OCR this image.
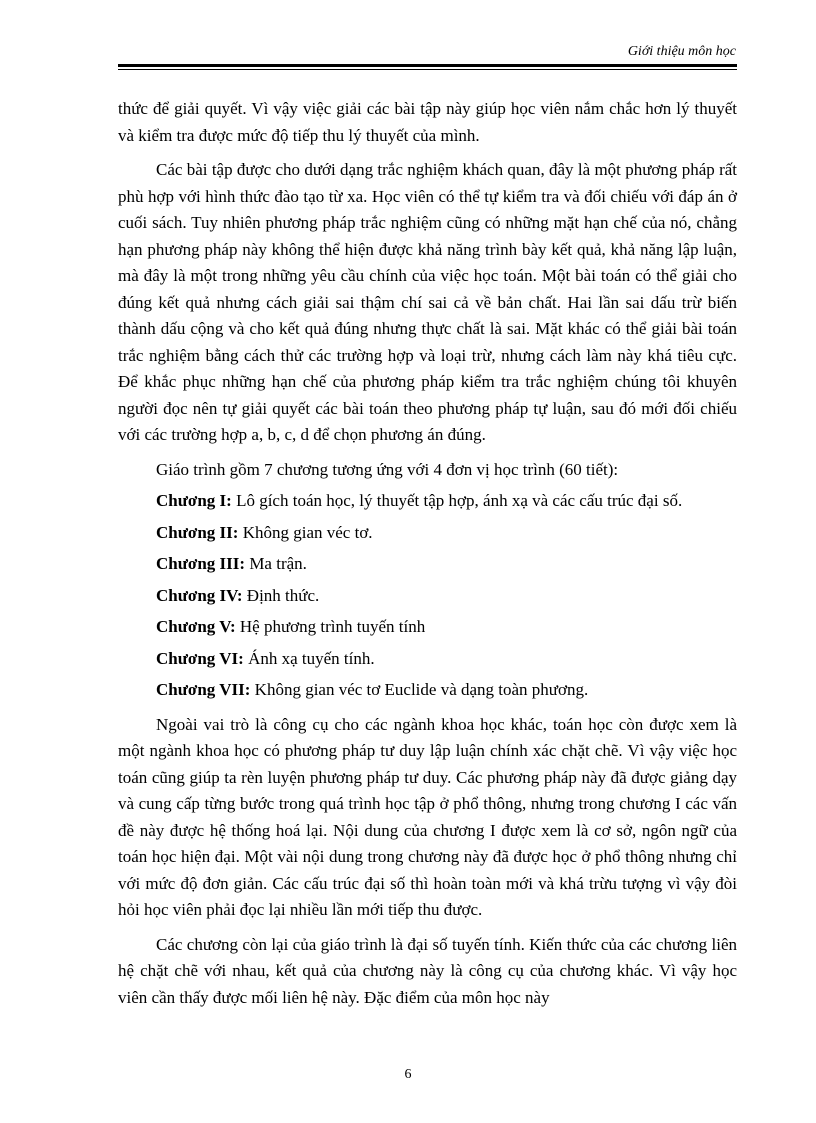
Giới thiệu môn học

thức để giải quyết. Vì vậy việc giải các bài tập này giúp học viên nắm chắc hơn lý thuyết và kiểm tra được mức độ tiếp thu lý thuyết của mình.

Các bài tập được cho dưới dạng trắc nghiệm khách quan, đây là một phương pháp rất phù hợp với hình thức đào tạo từ xa. Học viên có thể tự kiểm tra và đối chiếu với đáp án ở cuối sách. Tuy nhiên phương pháp trắc nghiệm cũng có những mặt hạn chế của nó, chẳng hạn phương pháp này không thể hiện được khả năng trình bày kết quả, khả năng lập luận, mà đây là một trong những yêu cầu chính của việc học toán. Một bài toán có thể giải cho đúng kết quả nhưng cách giải sai thậm chí sai cả về bản chất. Hai lần sai dấu trừ biến thành dấu cộng và cho kết quả đúng nhưng thực chất là sai. Mặt khác có thể giải bài toán trắc nghiệm bằng cách thử các trường hợp và loại trừ, nhưng cách làm này khá tiêu cực. Để khắc phục những hạn chế của phương pháp kiểm tra trắc nghiệm chúng tôi khuyên người đọc nên tự giải quyết các bài toán theo phương pháp tự luận, sau đó mới đối chiếu với các trường hợp a, b, c, d để chọn phương án đúng.

Giáo trình gồm 7 chương tương ứng với 4 đơn vị học trình (60 tiết):

Chương I: Lô gích toán học, lý thuyết tập hợp, ánh xạ và các cấu trúc đại số.

Chương II: Không gian véc tơ.

Chương III: Ma trận.

Chương IV: Định thức.

Chương V: Hệ phương trình tuyến tính

Chương VI: Ánh xạ tuyến tính.

Chương VII: Không gian véc tơ Euclide và dạng toàn phương.

Ngoài vai trò là công cụ cho các ngành khoa học khác, toán học còn được xem là một ngành khoa học có phương pháp tư duy lập luận chính xác chặt chẽ. Vì vậy việc học toán cũng giúp ta rèn luyện phương pháp tư duy. Các phương pháp này đã được giảng dạy và cung cấp từng bước trong quá trình học tập ở phổ thông, nhưng trong chương I các vấn đề này được hệ thống hoá lại. Nội dung của chương I được xem là cơ sở, ngôn ngữ của toán học hiện đại. Một vài nội dung trong chương này đã được học ở phổ thông nhưng chỉ với mức độ đơn giản. Các cấu trúc đại số thì hoàn toàn mới và khá trừu tượng vì vậy đòi hỏi học viên phải đọc lại nhiều lần mới tiếp thu được.

Các chương còn lại của giáo trình là đại số tuyến tính. Kiến thức của các chương liên hệ chặt chẽ với nhau, kết quả của chương này là công cụ của chương khác. Vì vậy học viên cần thấy được mối liên hệ này. Đặc điểm của môn học này

6
